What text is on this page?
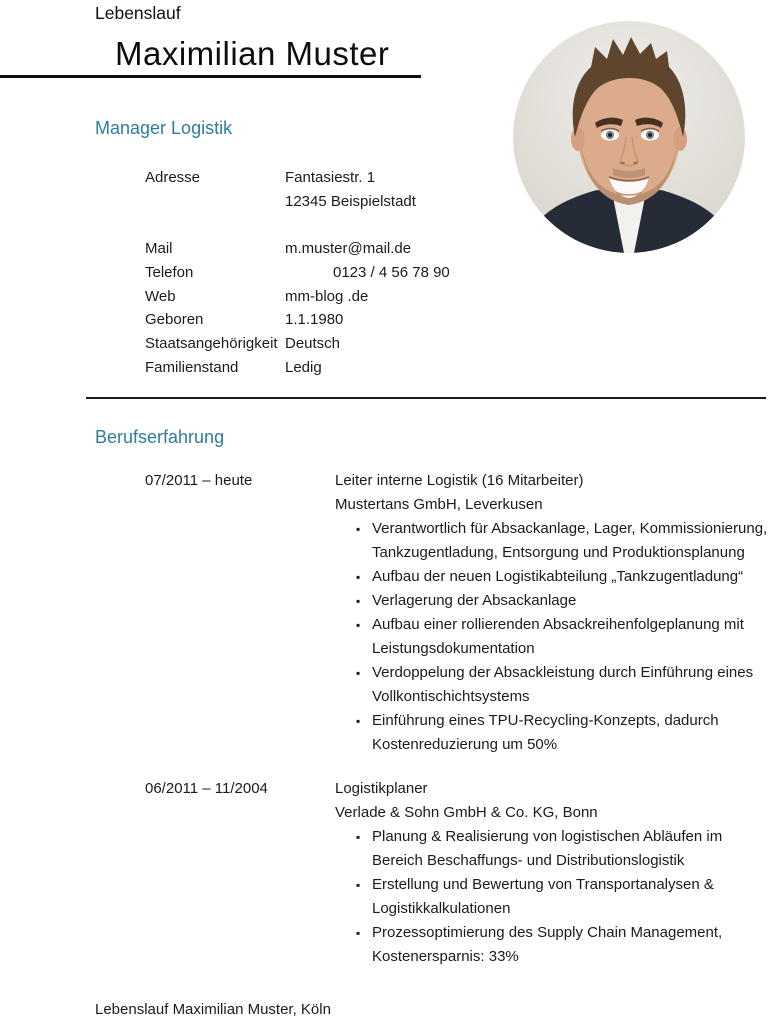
Lebenslauf
Maximilian Muster
Manager Logistik
Adresse	Fantasiestr. 1
12345 Beispielstadt
Mail	m.muster@mail.de
Telefon	0123 / 4 56 78 90
Web	mm-blog .de
Geboren	1.1.1980
Staatsangehörigkeit Deutsch
Familienstand	Ledig
Berufserfahrung
07/2011 – heute	Leiter interne Logistik (16 Mitarbeiter)
Mustertans GmbH, Leverkusen
▪ Verantwortlich für Absackanlage, Lager, Kommissionierung, Tankzugentladung, Entsorgung und Produktionsplanung
▪ Aufbau der neuen Logistikabteilung „Tankzugentladung“
▪ Verlagerung der Absackanlage
▪ Aufbau einer rollierenden Absackreihenfolgeplanung mit Leistungsdokumentation
▪ Verdoppelung der Absackleistung durch Einführung eines Vollkontischichtsystems
▪ Einführung eines TPU-Recycling-Konzepts, dadurch Kostenreduzierung um 50%
06/2011 – 11/2004	Logistikplaner
Verlade & Sohn GmbH & Co. KG, Bonn
▪ Planung & Realisierung von logistischen Abläufen im Bereich Beschaffungs- und Distributionslogistik
▪ Erstellung und Bewertung von Transportanalysen & Logistikkalkulationen
▪ Prozessoptimierung des Supply Chain Management, Kostenersparnis: 33%
Lebenslauf Maximilian Muster, Köln
